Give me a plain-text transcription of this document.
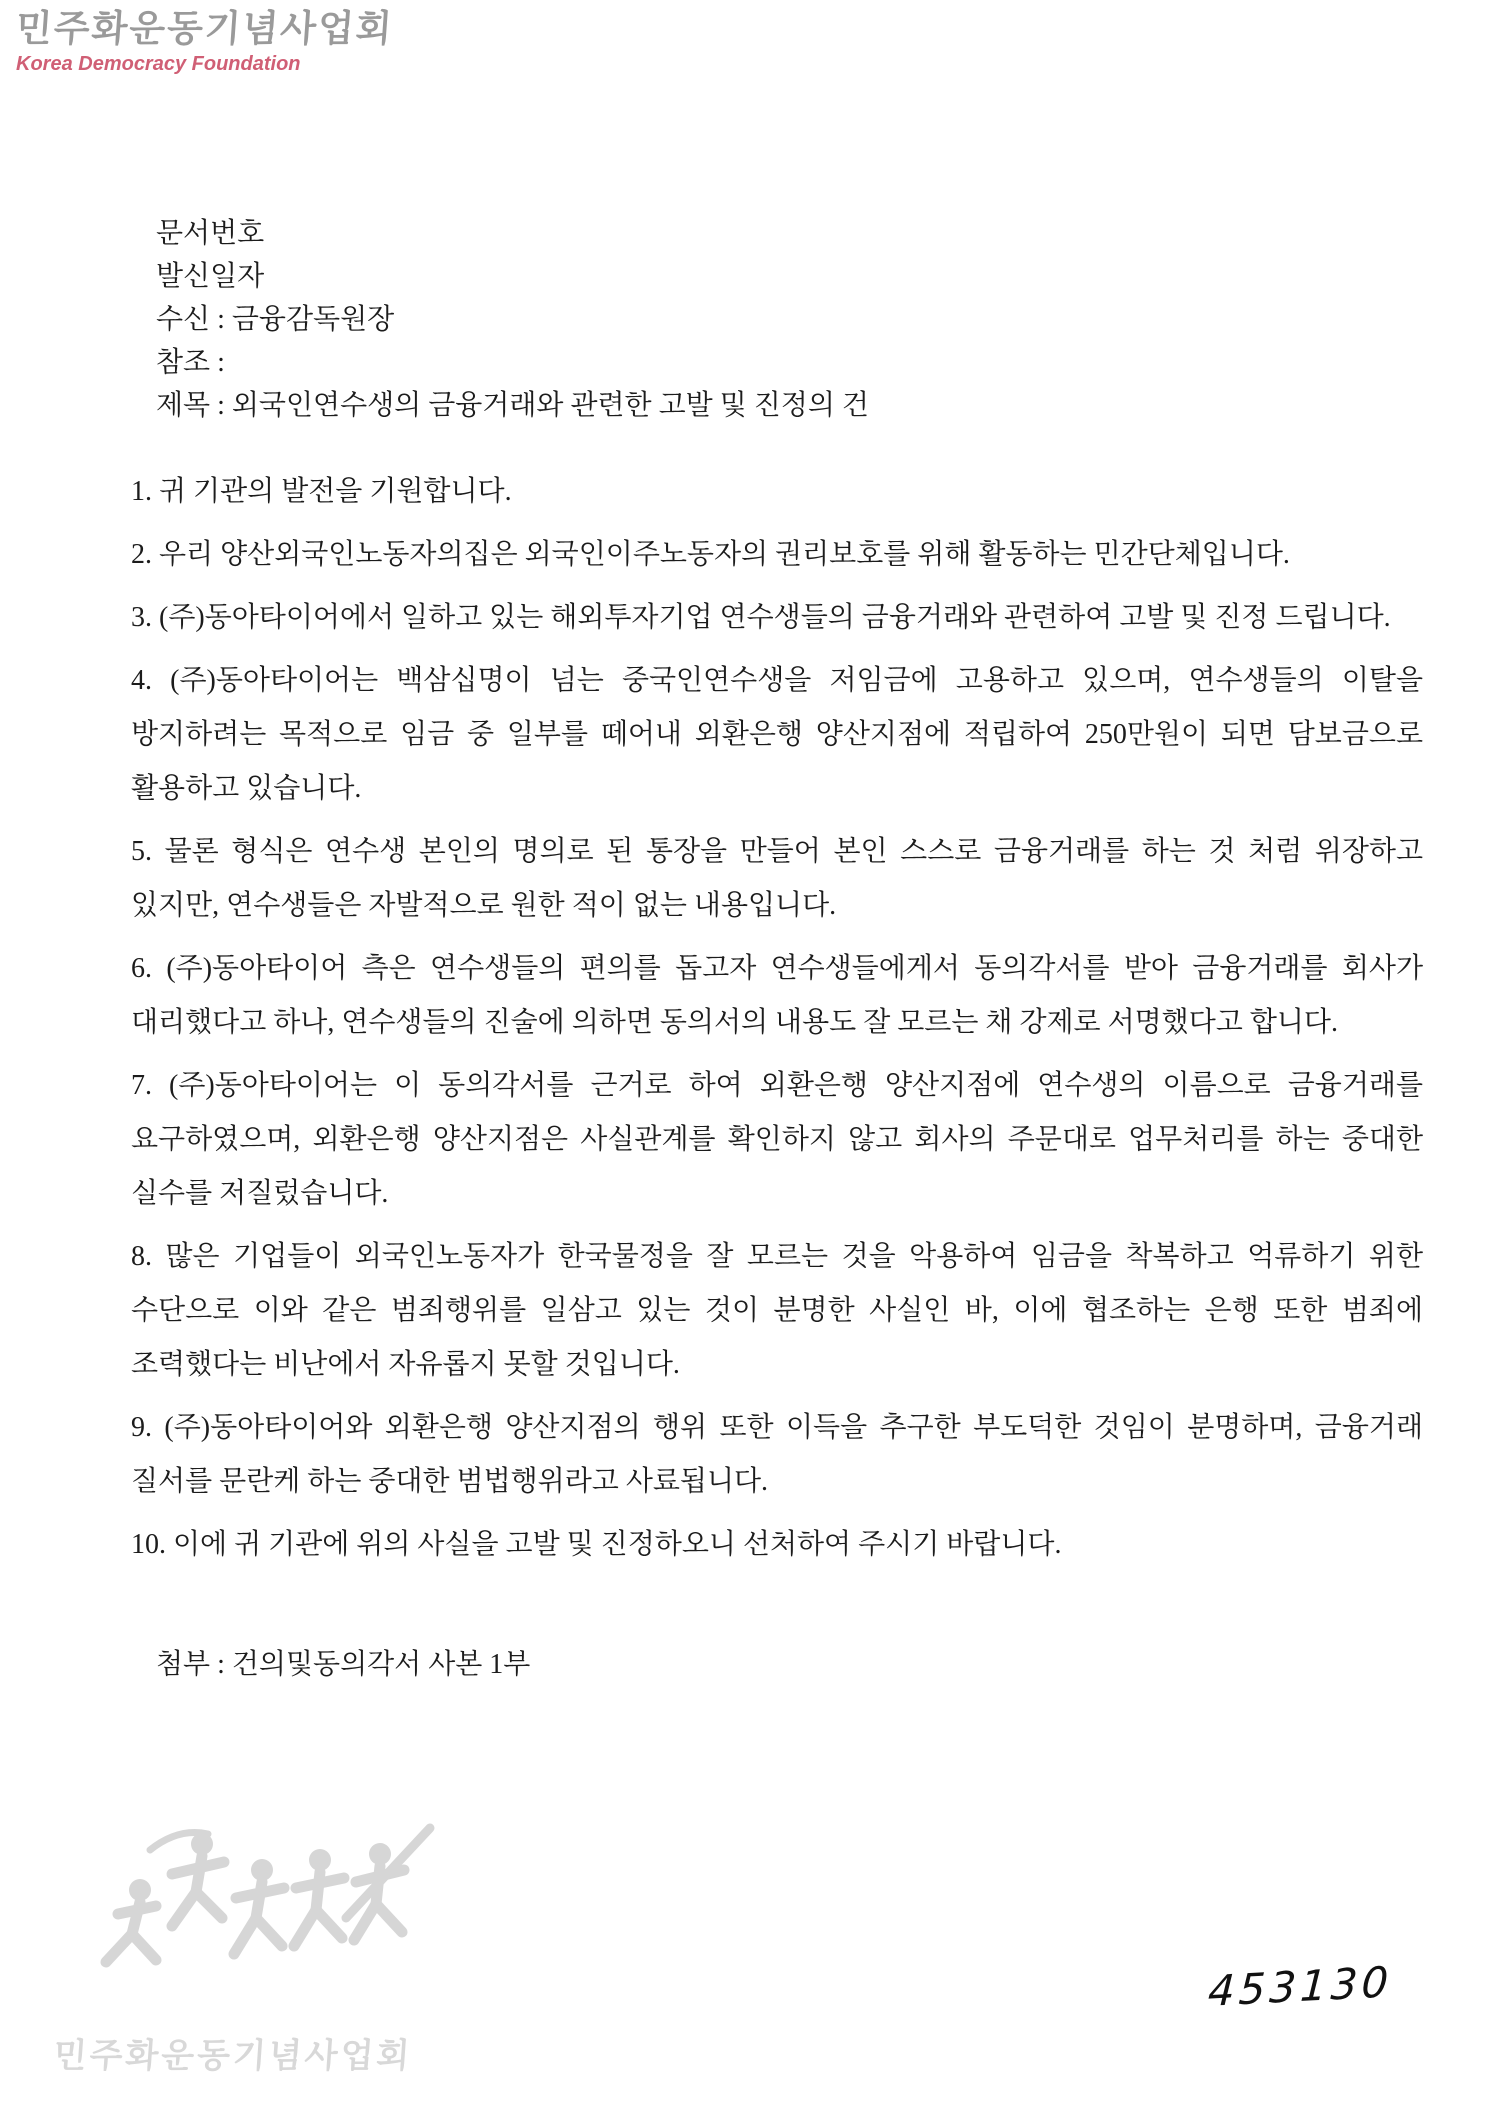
민주화운동기념사업회
Korea Democracy Foundation
문서번호
발신일자
수신 : 금융감독원장
참조 :
제목 : 외국인연수생의 금융거래와 관련한 고발 및 진정의 건
1. 귀 기관의 발전을 기원합니다.
2. 우리 양산외국인노동자의집은 외국인이주노동자의 권리보호를 위해 활동하는 민간단체입니다.
3. (주)동아타이어에서 일하고 있는 해외투자기업 연수생들의 금융거래와 관련하여 고발 및 진정 드립니다.
4. (주)동아타이어는 백삼십명이 넘는 중국인연수생을 저임금에 고용하고 있으며, 연수생들의 이탈을 방지하려는 목적으로 임금 중 일부를 떼어내 외환은행 양산지점에 적립하여 250만원이 되면 담보금으로 활용하고 있습니다.
5. 물론 형식은 연수생 본인의 명의로 된 통장을 만들어 본인 스스로 금융거래를 하는 것 처럼 위장하고 있지만, 연수생들은 자발적으로 원한 적이 없는 내용입니다.
6. (주)동아타이어 측은 연수생들의 편의를 돕고자 연수생들에게서 동의각서를 받아 금융거래를 회사가 대리했다고 하나, 연수생들의 진술에 의하면 동의서의 내용도 잘 모르는 채 강제로 서명했다고 합니다.
7. (주)동아타이어는 이 동의각서를 근거로 하여 외환은행 양산지점에 연수생의 이름으로 금융거래를 요구하였으며, 외환은행 양산지점은 사실관계를 확인하지 않고 회사의 주문대로 업무처리를 하는 중대한 실수를 저질렀습니다.
8. 많은 기업들이 외국인노동자가 한국물정을 잘 모르는 것을 악용하여 임금을 착복하고 억류하기 위한 수단으로 이와 같은 범죄행위를 일삼고 있는 것이 분명한 사실인 바, 이에 협조하는 은행 또한 범죄에 조력했다는 비난에서 자유롭지 못할 것입니다.
9. (주)동아타이어와 외환은행 양산지점의 행위 또한 이득을 추구한 부도덕한 것임이 분명하며, 금융거래 질서를 문란케 하는 중대한 범법행위라고 사료됩니다.
10. 이에 귀 기관에 위의 사실을 고발 및 진정하오니 선처하여 주시기 바랍니다.
첨부 : 건의및동의각서 사본 1부
민주화운동기념사업회
453130
